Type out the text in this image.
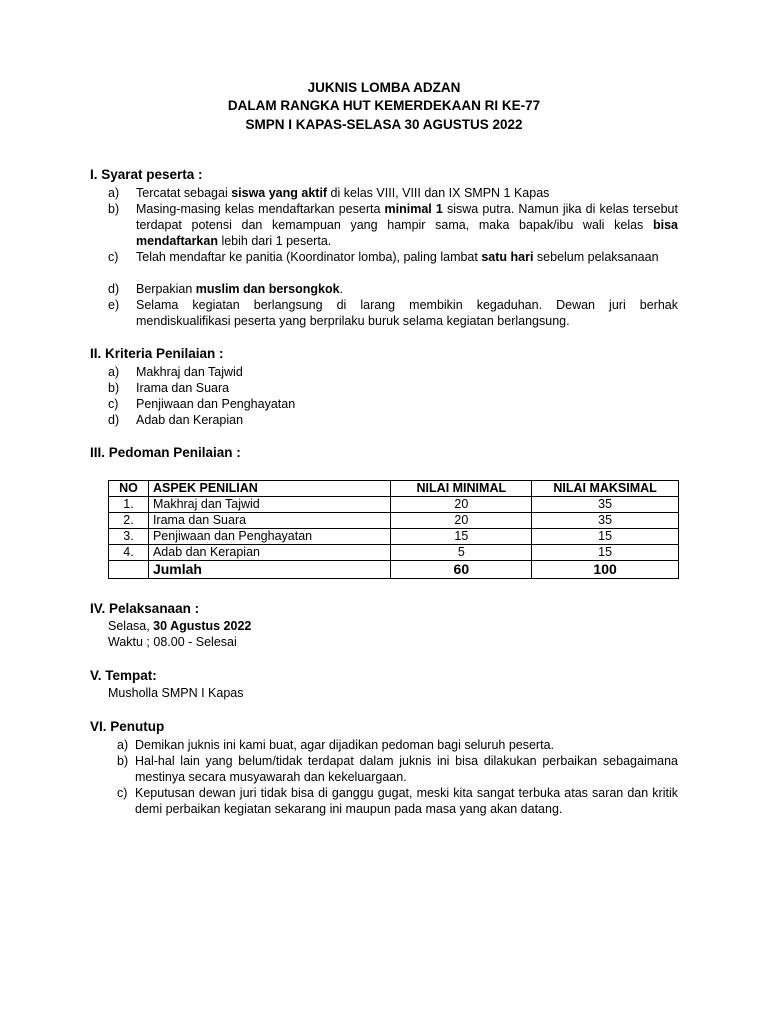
JUKNIS LOMBA ADZAN
DALAM RANGKA HUT KEMERDEKAAN RI KE-77
SMPN I KAPAS-SELASA 30 AGUSTUS 2022
I. Syarat peserta :
a) Tercatat sebagai siswa yang aktif di kelas VIII, VIII dan IX SMPN 1 Kapas
b) Masing-masing kelas mendaftarkan peserta minimal 1 siswa putra. Namun jika di kelas tersebut terdapat potensi dan kemampuan yang hampir sama, maka bapak/ibu wali kelas bisa mendaftarkan lebih dari 1 peserta.
c) Telah mendaftar ke panitia (Koordinator lomba), paling lambat satu hari sebelum pelaksanaan
d) Berpakian muslim dan bersongkok.
e) Selama kegiatan berlangsung di larang membikin kegaduhan. Dewan juri berhak mendiskualifikasi peserta yang berprilaku buruk selama kegiatan berlangsung.
II. Kriteria Penilaian :
a) Makhraj dan Tajwid
b) Irama dan Suara
c) Penjiwaan dan Penghayatan
d) Adab dan Kerapian
III. Pedoman Penilaian :
NO	ASPEK PENILIAN	NILAI MINIMAL	NILAI MAKSIMAL
1.	Makhraj dan Tajwid	20	35
2.	Irama dan Suara	20	35
3.	Penjiwaan dan Penghayatan	15	15
4.	Adab dan Kerapian	5	15
	Jumlah	60	100
IV. Pelaksanaan :
Selasa, 30 Agustus 2022
Waktu ; 08.00 - Selesai
V. Tempat:
Musholla SMPN I Kapas
VI. Penutup
a) Demikan juknis ini kami buat, agar dijadikan pedoman bagi seluruh peserta.
b) Hal-hal lain yang belum/tidak terdapat dalam juknis ini bisa dilakukan perbaikan sebagaimana mestinya secara musyawarah dan kekeluargaan.
c) Keputusan dewan juri tidak bisa di ganggu gugat, meski kita sangat terbuka atas saran dan kritik demi perbaikan kegiatan sekarang ini maupun pada masa yang akan datang.
